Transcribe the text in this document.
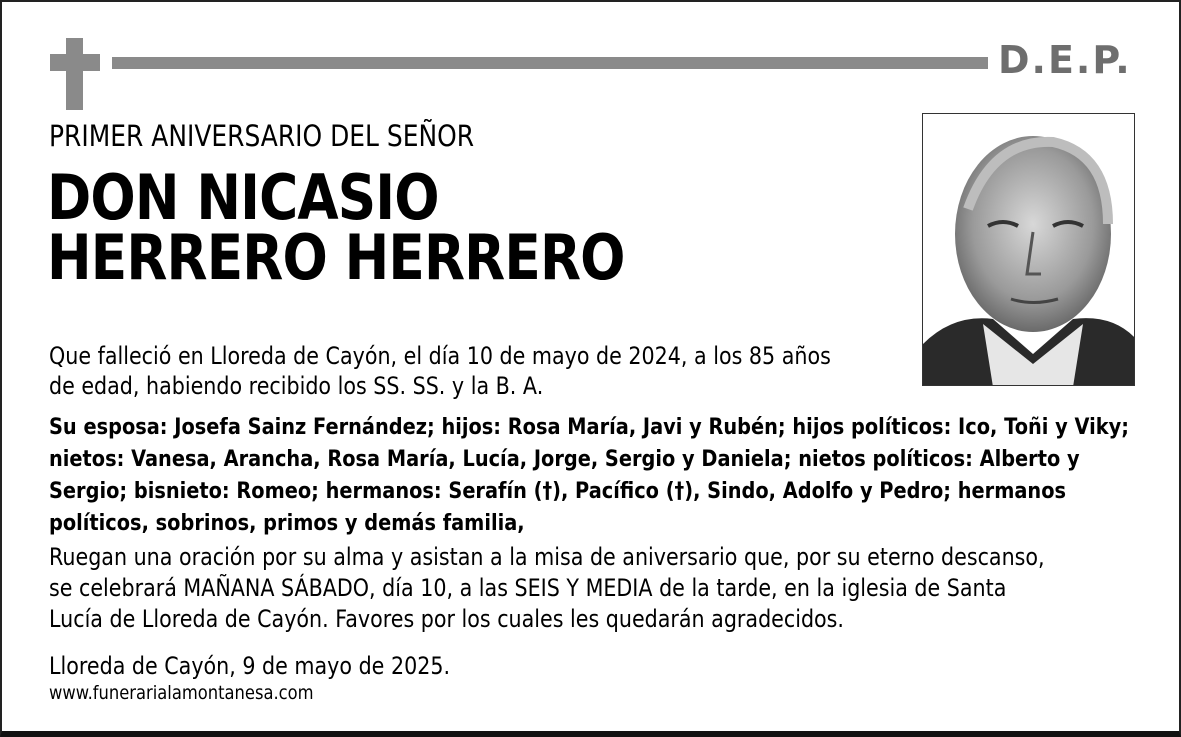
D.E.P.
PRIMER ANIVERSARIO DEL SEÑOR
DON NICASIO
HERRERO HERRERO
Que falleció en Lloreda de Cayón, el día 10 de mayo de 2024, a los 85 años
de edad, habiendo recibido los SS. SS. y la B. A.
Su esposa: Josefa Sainz Fernández; hijos: Rosa María, Javi y Rubén; hijos políticos: Ico, Toñi y Viky;
nietos: Vanesa, Arancha, Rosa María, Lucía, Jorge, Sergio y Daniela; nietos políticos: Alberto y
Sergio; bisnieto: Romeo; hermanos: Serafín (†), Pacífico (†), Sindo, Adolfo y Pedro; hermanos
políticos, sobrinos, primos y demás familia,
Ruegan una oración por su alma y asistan a la misa de aniversario que, por su eterno descanso,
se celebrará MAÑANA SÁBADO, día 10, a las SEIS Y MEDIA de la tarde, en la iglesia de Santa
Lucía de Lloreda de Cayón. Favores por los cuales les quedarán agradecidos.
Lloreda de Cayón, 9 de mayo de 2025.
www.funerarialamontanesa.com
